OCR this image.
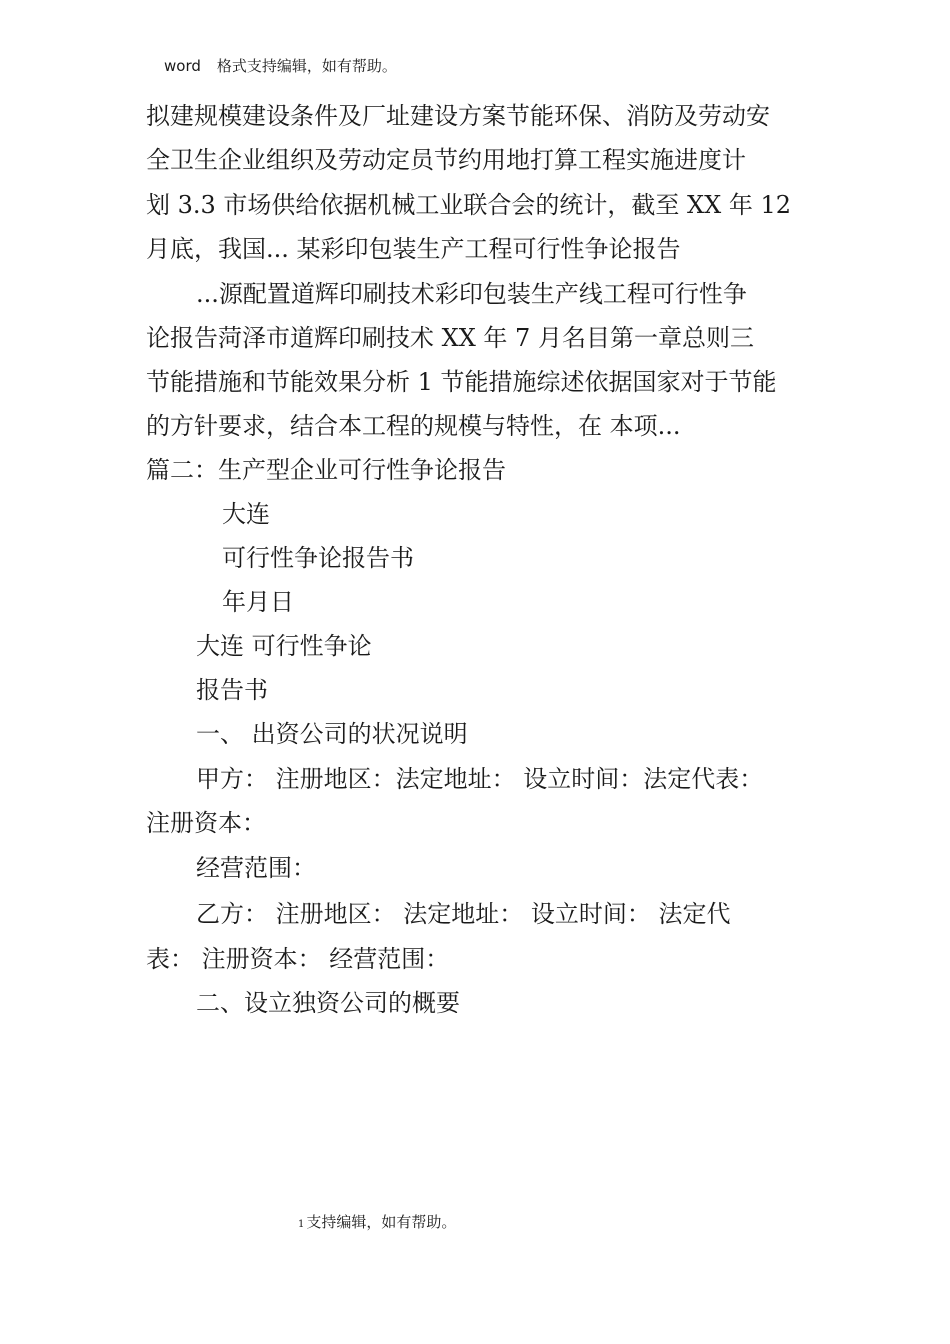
word 格式支持编辑，如有帮助。
拟建规模建设条件及厂址建设方案节能环保、消防及劳动安
全卫生企业组织及劳动定员节约用地打算工程实施进度计
划 3.3 市场供给依据机械工业联合会的统计，截至 XX 年 12
月底，我国... 某彩印包装生产工程可行性争论报告
...源配置道辉印刷技术彩印包装生产线工程可行性争
论报告菏泽市道辉印刷技术 XX 年 7 月名目第一章总则三
节能措施和节能效果分析 1 节能措施综述依据国家对于节能
的方针要求，结合本工程的规模与特性，在 本项...
篇二：生产型企业可行性争论报告
大连
可行性争论报告书
年月日
大连 可行性争论
报告书
一、 出资公司的状况说明
甲方： 注册地区：法定地址： 设立时间：法定代表：
注册资本：
经营范围：
乙方： 注册地区： 法定地址： 设立时间： 法定代
表： 注册资本： 经营范围：
二、设立独资公司的概要
1 支持编辑，如有帮助。
